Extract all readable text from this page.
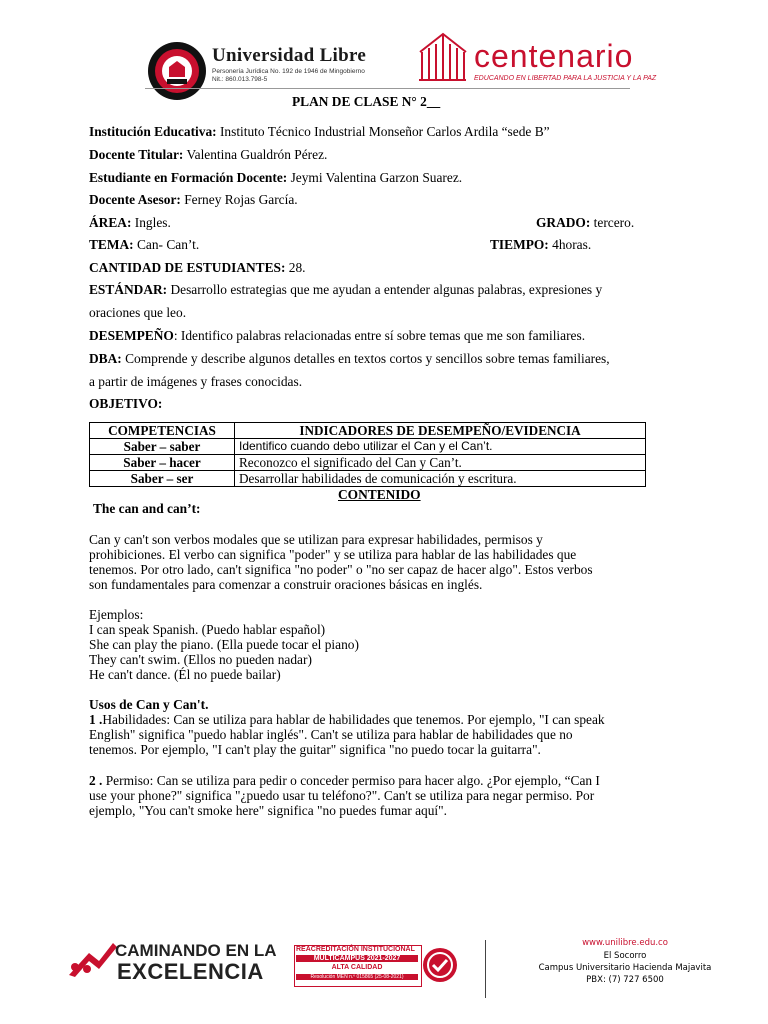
Universidad Libre
Personería Jurídica No. 192 de 1946 de Mingobierno
Nit.: 860.013.798-5
centenario
EDUCANDO EN LIBERTAD PARA LA JUSTICIA Y LA PAZ
PLAN DE CLASE N° 2__
Institución Educativa: Instituto Técnico Industrial Monseñor Carlos Ardila “sede B”
Docente Titular: Valentina Gualdrón Pérez.
Estudiante en Formación Docente: Jeymi Valentina Garzon Suarez.
Docente Asesor: Ferney Rojas García.
ÁREA: Ingles.	GRADO: tercero.
TEMA: Can- Can’t.	TIEMPO: 4horas.
CANTIDAD DE ESTUDIANTES: 28.
ESTÁNDAR: Desarrollo estrategias que me ayudan a entender algunas palabras, expresiones y
oraciones que leo.
DESEMPEÑO: Identifico palabras relacionadas entre sí sobre temas que me son familiares.
DBA: Comprende y describe algunos detalles en textos cortos y sencillos sobre temas familiares,
a partir de imágenes y frases conocidas.
OBJETIVO:
COMPETENCIAS	INDICADORES DE DESEMPEÑO/EVIDENCIA
Saber – saber	Identifico cuando debo utilizar el Can y el Can’t.
Saber – hacer	Reconozco el significado del Can y Can’t.
Saber – ser	Desarrollar habilidades de comunicación y escritura.
CONTENIDO
The can and can’t:
Can y can't son verbos modales que se utilizan para expresar habilidades, permisos y
prohibiciones. El verbo can significa "poder" y se utiliza para hablar de las habilidades que
tenemos. Por otro lado, can't significa "no poder" o "no ser capaz de hacer algo". Estos verbos
son fundamentales para comenzar a construir oraciones básicas en inglés.
Ejemplos:
I can speak Spanish. (Puedo hablar español)
She can play the piano. (Ella puede tocar el piano)
They can't swim. (Ellos no pueden nadar)
He can't dance. (Él no puede bailar)
Usos de Can y Can't.
1 .Habilidades: Can se utiliza para hablar de habilidades que tenemos. Por ejemplo, "I can speak
English" significa "puedo hablar inglés". Can't se utiliza para hablar de habilidades que no
tenemos. Por ejemplo, "I can't play the guitar" significa "no puedo tocar la guitarra".
2 . Permiso: Can se utiliza para pedir o conceder permiso para hacer algo. ¿Por ejemplo, “Can I
use your phone?" significa "¿puedo usar tu teléfono?". Can't se utiliza para negar permiso. Por
ejemplo, "You can't smoke here" significa "no puedes fumar aquí".
CAMINANDO EN LA
EXCELENCIA
REACREDITACIÓN INSTITUCIONAL
MULTICAMPUS 2021-2027
ALTA CALIDAD
Resolución MEN n.º 015865 (25-08-2021)
www.unilibre.edu.co
El Socorro
Campus Universitario Hacienda Majavita
PBX: (7) 727 6500
